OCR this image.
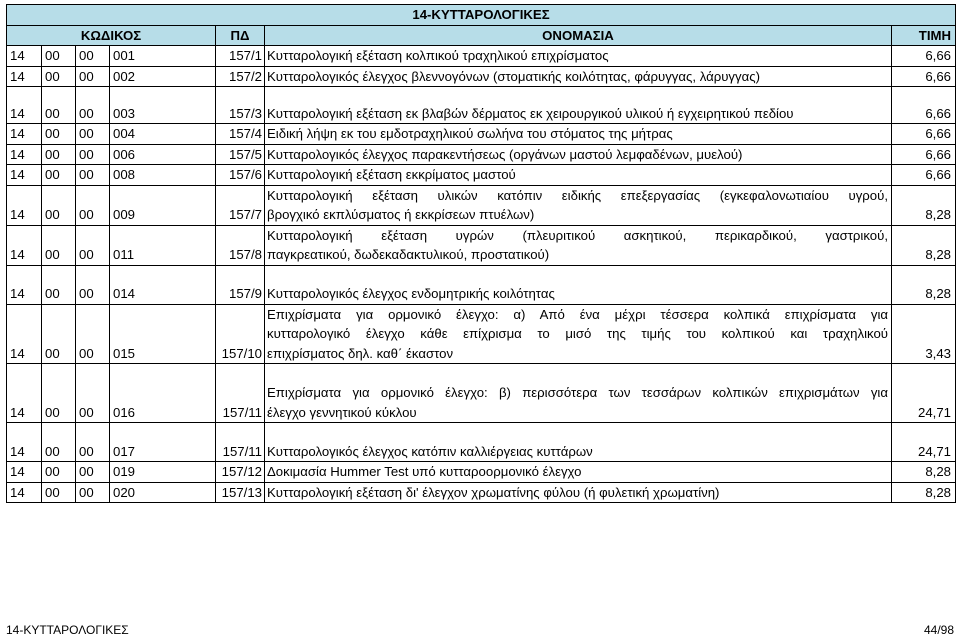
14-ΚΥΤΤΑΡΟΛΟΓΙΚΕΣ						
ΚΩΔΙΚΟΣ				ΠΔ	ΟΝΟΜΑΣΙΑ	ΤΙΜΗ
14	00	00	001	157/1	Κυτταρολογική εξέταση κολπικού τραχηλικού επιχρίσματος	6,66
14	00	00	002	157/2	Κυτταρολογικός έλεγχος βλεννογόνων (στοματικής κοιλότητας, φάρυγγας, λάρυγγας)	6,66
14	00	00	003	157/3	Κυτταρολογική εξέταση εκ βλαβών δέρματος εκ χειρουργικού υλικού ή εγχειρητικού πεδίου	6,66
14	00	00	004	157/4	Ειδική λήψη εκ του εμδοτραχηλικού σωλήνα του στόματος της μήτρας	6,66
14	00	00	006	157/5	Κυτταρολογικός έλεγχος παρακεντήσεως (οργάνων μαστού λεμφαδένων, μυελού)	6,66
14	00	00	008	157/6	Κυτταρολογική εξέταση εκκρίματος μαστού	6,66
14	00	00	009	157/7	Κυτταρολογική εξέταση υλικών κατόπιν ειδικής επεξεργασίας (εγκεφαλονωτιαίου υγρού,
βρογχικό εκπλύσματος ή εκκρίσεων πτυέλων)	8,28
14	00	00	011	157/8	Κυτταρολογική εξέταση υγρών (πλευριτικού ασκητικού, περικαρδικού, γαστρικού,
παγκρεατικού, δωδεκαδακτυλικού, προστατικού)	8,28
14	00	00	014	157/9	Κυτταρολογικός έλεγχος ενδομητρικής κοιλότητας	8,28
14	00	00	015	157/10	Επιχρίσματα για ορμονικό έλεγχο: α) Από ένα μέχρι τέσσερα κολπικά επιχρίσματα για
κυτταρολογικό έλεγχο κάθε επίχρισμα το μισό της τιμής του κολπικού και τραχηλικού
επιχρίσματος δηλ. καθ΄ έκαστον	3,43
14	00	00	016	157/11	Επιχρίσματα για ορμονικό έλεγχο: β) περισσότερα των τεσσάρων κολπικών επιχρισμάτων για
έλεγχο γεννητικού κύκλου	24,71
14	00	00	017	157/11	Κυτταρολογικός έλεγχος κατόπιν καλλιέργειας κυττάρων	24,71
14	00	00	019	157/12	Δοκιμασία Hummer Test υπό κυτταροορμονικό έλεγχο	8,28
14	00	00	020	157/13	Κυτταρολογική εξέταση δι' έλεγχον χρωματίνης φύλου (ή φυλετική χρωματίνη)	8,28
14-ΚΥΤΤΑΡΟΛΟΓΙΚΕΣ	44/98
